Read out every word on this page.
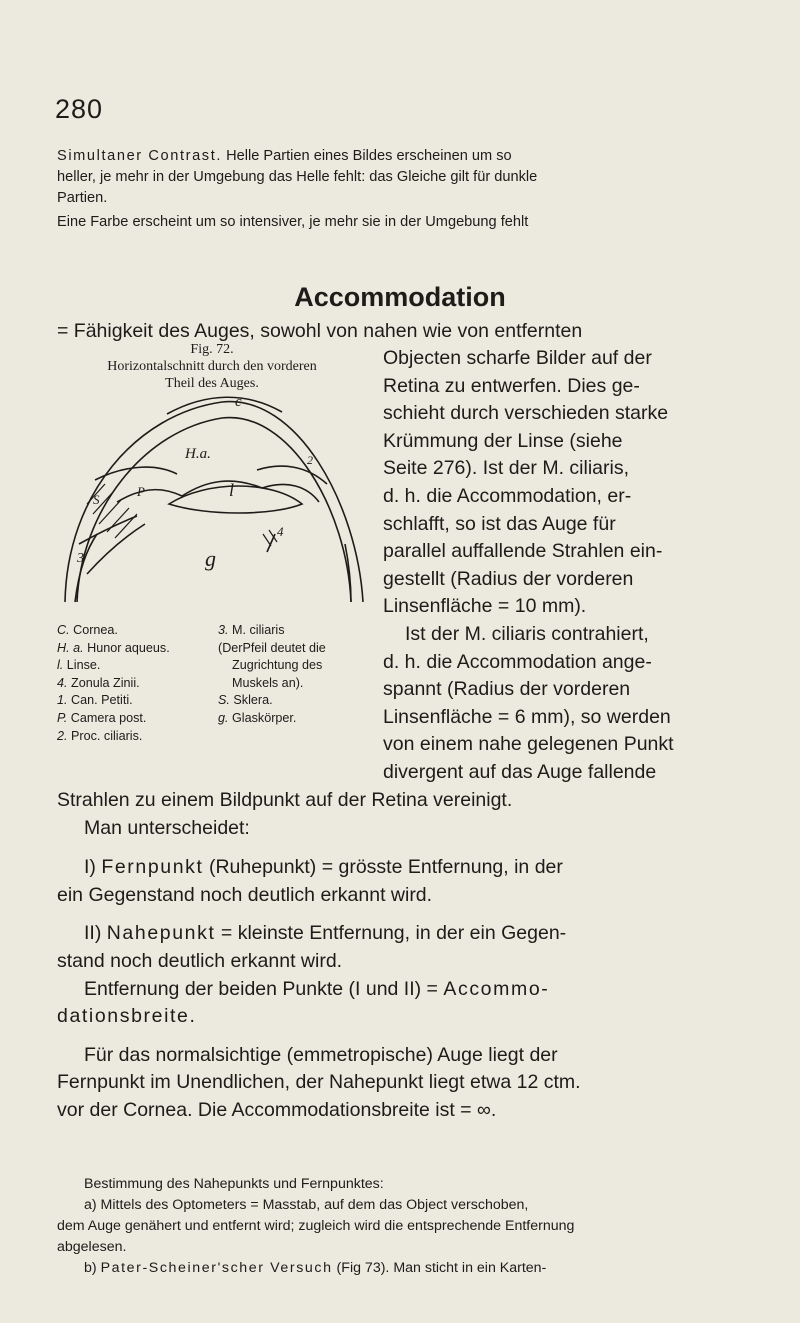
280
Simultaner Contrast. Helle Partien eines Bildes erscheinen um so
heller, je mehr in der Umgebung das Helle fehlt: das Gleiche gilt für dunkle
Partien.
Eine Farbe erscheint um so intensiver, je mehr sie in der Umgebung fehlt
Accommodation
= Fähigkeit des Auges, sowohl von nahen wie von entfernten
Fig. 72.
Horizontalschnitt durch den vorderen
Theil des Auges.
c
H.a.
P
2
l
4
3	g
S
C. Cornea.
H. a. Hunor aqueus.
l. Linse.
4. Zonula Zinii.
1. Can. Petiti.
P. Camera post.
2. Proc. ciliaris.
3. M. ciliaris
(DerPfeil deutet die
Zugrichtung des
Muskels an).
S. Sklera.
g. Glaskörper.
Objecten scharfe Bilder auf der
Retina zu entwerfen. Dies ge-
schieht durch verschieden starke
Krümmung der Linse (siehe
Seite 276). Ist der M. ciliaris,
d. h. die Accommodation, er-
schlafft, so ist das Auge für
parallel auffallende Strahlen ein-
gestellt (Radius der vorderen
Linsenfläche = 10 mm).
Ist der M. ciliaris contrahiert,
d. h. die Accommodation ange-
spannt (Radius der vorderen
Linsenfläche = 6 mm), so werden
von einem nahe gelegenen Punkt
divergent auf das Auge fallende
Strahlen zu einem Bildpunkt auf der Retina vereinigt.
Man unterscheidet:
I) Fernpunkt (Ruhepunkt) = grösste Entfernung, in der
ein Gegenstand noch deutlich erkannt wird.
II) Nahepunkt = kleinste Entfernung, in der ein Gegen-
stand noch deutlich erkannt wird.
Entfernung der beiden Punkte (I und II) = Accommo-
dationsbreite.
Für das normalsichtige (emmetropische) Auge liegt der
Fernpunkt im Unendlichen, der Nahepunkt liegt etwa 12 ctm.
vor der Cornea. Die Accommodationsbreite ist = ∞.
Bestimmung des Nahepunkts und Fernpunktes:
a) Mittels des Optometers = Masstab, auf dem das Object verschoben,
dem Auge genähert und entfernt wird; zugleich wird die entsprechende Entfernung
abgelesen.
b) Pater-Scheiner'scher Versuch (Fig 73). Man sticht in ein Karten-
